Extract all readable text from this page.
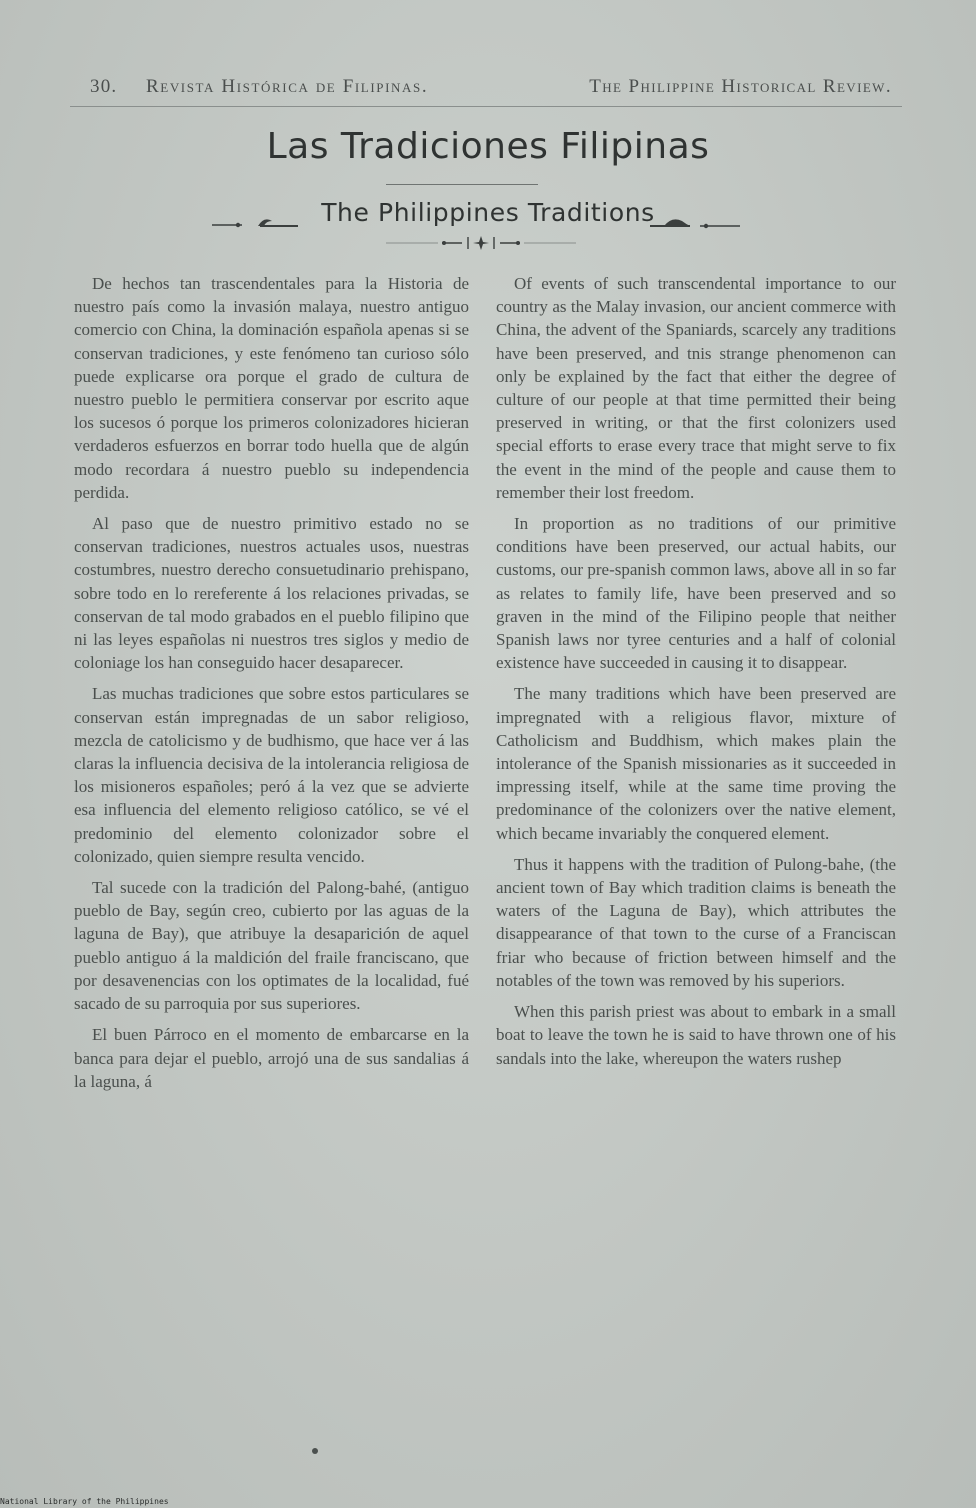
30. Revista Histórica de Filipinas.	The Philippine Historical Review.
Las Tradiciones Filipinas
The Philippines Traditions

De hechos tan trascendentales para la Historia de nuestro país como la invasión malaya, nuestro antiguo comercio con China, la dominación española apenas si se conservan tradiciones, y este fenómeno tan curioso sólo puede explicarse ora porque el grado de cultura de nuestro pueblo le permitiera conservar por escrito aque los sucesos ó porque los primeros colonizadores hicieran verdaderos esfuerzos en borrar todo huella que de algún modo recordara á nuestro pueblo su independencia perdida.

Al paso que de nuestro primitivo estado no se conservan tradiciones, nuestros actuales usos, nuestras costumbres, nuestro derecho consuetudinario prehispano, sobre todo en lo rereferente á los relaciones privadas, se conservan de tal modo grabados en el pueblo filipino que ni las leyes españolas ni nuestros tres siglos y medio de coloniage los han conseguido hacer desaparecer.

Las muchas tradiciones que sobre estos particulares se conservan están impregnadas de un sabor religioso, mezcla de catolicismo y de budhismo, que hace ver á las claras la influencia decisiva de la intolerancia religiosa de los misioneros españoles; peró á la vez que se advierte esa influencia del elemento religioso católico, se vé el predominio del elemento colonizador sobre el colonizado, quien siempre resulta vencido.

Tal sucede con la tradición del Palong-bahé, (antiguo pueblo de Bay, según creo, cubierto por las aguas de la laguna de Bay), que atribuye la desaparición de aquel pueblo antiguo á la maldición del fraile franciscano, que por desavenencias con los optimates de la localidad, fué sacado de su parroquia por sus superiores.

El buen Párroco en el momento de embarcarse en la banca para dejar el pueblo, arrojó una de sus sandalias á la laguna, á

Of events of such transcendental importance to our country as the Malay invasion, our ancient commerce with China, the advent of the Spaniards, scarcely any traditions have been preserved, and tnis strange phenomenon can only be explained by the fact that either the degree of culture of our people at that time permitted their being preserved in writing, or that the first colonizers used special efforts to erase every trace that might serve to fix the event in the mind of the people and cause them to remember their lost freedom.

In proportion as no traditions of our primitive conditions have been preserved, our actual habits, our customs, our pre-spanish common laws, above all in so far as relates to family life, have been preserved and so graven in the mind of the Filipino people that neither Spanish laws nor tyree centuries and a half of colonial existence have succeeded in causing it to disappear.

The many traditions which have been preserved are impregnated with a religious flavor, mixture of Catholicism and Buddhism, which makes plain the intolerance of the Spanish missionaries as it succeeded in impressing itself, while at the same time proving the predominance of the colonizers over the native element, which became invariably the conquered element.

Thus it happens with the tradition of Pulong-bahe, (the ancient town of Bay which tradition claims is beneath the waters of the Laguna de Bay), which attributes the disappearance of that town to the curse of a Franciscan friar who because of friction between himself and the notables of the town was removed by his superiors.

When this parish priest was about to embark in a small boat to leave the town he is said to have thrown one of his sandals into the lake, whereupon the waters rushep

National Library of the Philippines
